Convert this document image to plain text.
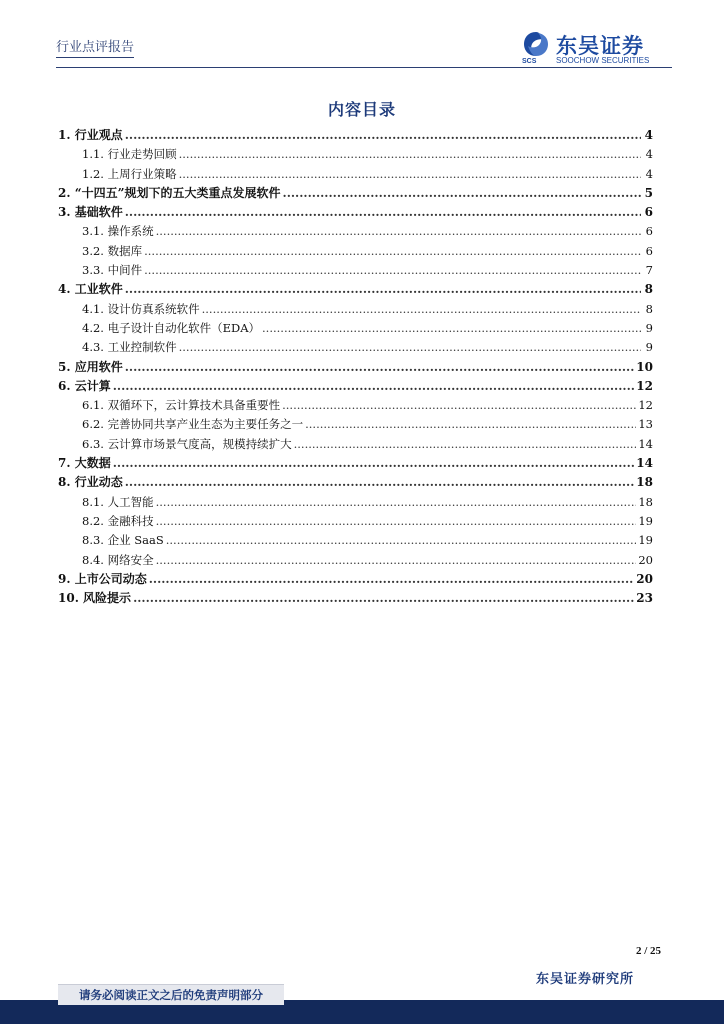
行业点评报告	东吴证券
SOOCHOW SECURITIES
SCS
内容目录
1. 行业观点 .....	4
1.1. 行业走势回顾 .....	4
1.2. 上周行业策略 .....	4
2. “十四五”规划下的五大类重点发展软件 .....	5
3. 基础软件 .....	6
3.1. 操作系统 .....	6
3.2. 数据库 .....	6
3.3. 中间件 .....	7
4. 工业软件 .....	8
4.1. 设计仿真系统软件 .....	8
4.2. 电子设计自动化软件（EDA） .....	9
4.3. 工业控制软件 .....	9
5. 应用软件 .....	10
6. 云计算 .....	12
6.1. 双循环下，云计算技术具备重要性 .....	12
6.2. 完善协同共享产业生态为主要任务之一 .....	13
6.3. 云计算市场景气度高，规模持续扩大 .....	14
7. 大数据 .....	14
8. 行业动态 .....	18
8.1. 人工智能 .....	18
8.2. 金融科技 .....	19
8.3. 企业 SaaS .....	19
8.4. 网络安全 .....	20
9. 上市公司动态 .....	20
10. 风险提示 .....	23
2 / 25
东吴证券研究所
请务必阅读正文之后的免责声明部分
